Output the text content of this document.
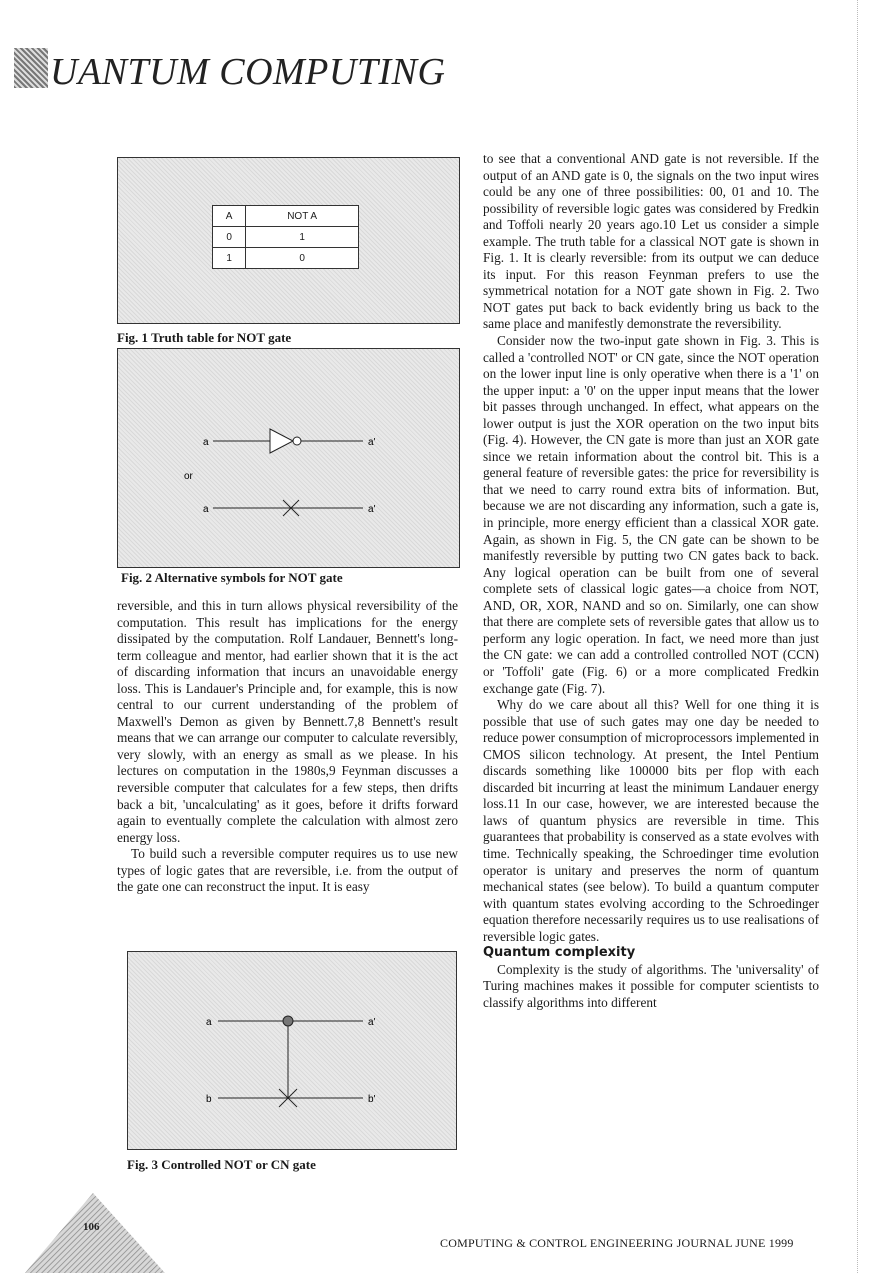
UANTUM COMPUTING
A	NOT A
0	1
1	0
Fig. 1 Truth table for NOT gate
a	a'
or
a	a'
Fig. 2 Alternative symbols for NOT gate

reversible, and this in turn allows physical reversibility of the computation. This result has implications for the energy dissipated by the computation. Rolf Landauer, Bennett's long-term colleague and mentor, had earlier shown that it is the act of discarding information that incurs an unavoidable energy loss. This is Landauer's Principle and, for example, this is now central to our current understanding of the problem of Maxwell's Demon as given by Bennett.7,8 Bennett's result means that we can arrange our computer to calculate reversibly, very slowly, with an energy as small as we please. In his lectures on computation in the 1980s,9 Feynman discusses a reversible computer that calculates for a few steps, then drifts back a bit, 'uncalculating' as it goes, before it drifts forward again to eventually complete the calculation with almost zero energy loss.

To build such a reversible computer requires us to use new types of logic gates that are reversible, i.e. from the output of the gate one can reconstruct the input. It is easy

a	a'
b	b'
Fig. 3 Controlled NOT or CN gate

to see that a conventional AND gate is not reversible. If the output of an AND gate is 0, the signals on the two input wires could be any one of three possibilities: 00, 01 and 10. The possibility of reversible logic gates was considered by Fredkin and Toffoli nearly 20 years ago.10 Let us consider a simple example. The truth table for a classical NOT gate is shown in Fig. 1. It is clearly reversible: from its output we can deduce its input. For this reason Feynman prefers to use the symmetrical notation for a NOT gate shown in Fig. 2. Two NOT gates put back to back evidently bring us back to the same place and manifestly demonstrate the reversibility.

Consider now the two-input gate shown in Fig. 3. This is called a 'controlled NOT' or CN gate, since the NOT operation on the lower input line is only operative when there is a '1' on the upper input: a '0' on the upper input means that the lower bit passes through unchanged. In effect, what appears on the lower output is just the XOR operation on the two input bits (Fig. 4). However, the CN gate is more than just an XOR gate since we retain information about the control bit. This is a general feature of reversible gates: the price for reversibility is that we need to carry round extra bits of information. But, because we are not discarding any information, such a gate is, in principle, more energy efficient than a classical XOR gate. Again, as shown in Fig. 5, the CN gate can be shown to be manifestly reversible by putting two CN gates back to back. Any logical operation can be built from one of several complete sets of classical logic gates—a choice from NOT, AND, OR, XOR, NAND and so on. Similarly, one can show that there are complete sets of reversible gates that allow us to perform any logic operation. In fact, we need more than just the CN gate: we can add a controlled controlled NOT (CCN) or 'Toffoli' gate (Fig. 6) or a more complicated Fredkin exchange gate (Fig. 7).

Why do we care about all this? Well for one thing it is possible that use of such gates may one day be needed to reduce power consumption of microprocessors implemented in CMOS silicon technology. At present, the Intel Pentium discards something like 100000 bits per flop with each discarded bit incurring at least the minimum Landauer energy loss.11 In our case, however, we are interested because the laws of quantum physics are reversible in time. This guarantees that probability is conserved as a state evolves with time. Technically speaking, the Schroedinger time evolution operator is unitary and preserves the norm of quantum mechanical states (see below). To build a quantum computer with quantum states evolving according to the Schroedinger equation therefore necessarily requires us to use realisations of reversible logic gates.

Quantum complexity

Complexity is the study of algorithms. The 'universality' of Turing machines makes it possible for computer scientists to classify algorithms into different

COMPUTING & CONTROL ENGINEERING JOURNAL JUNE 1999
106
